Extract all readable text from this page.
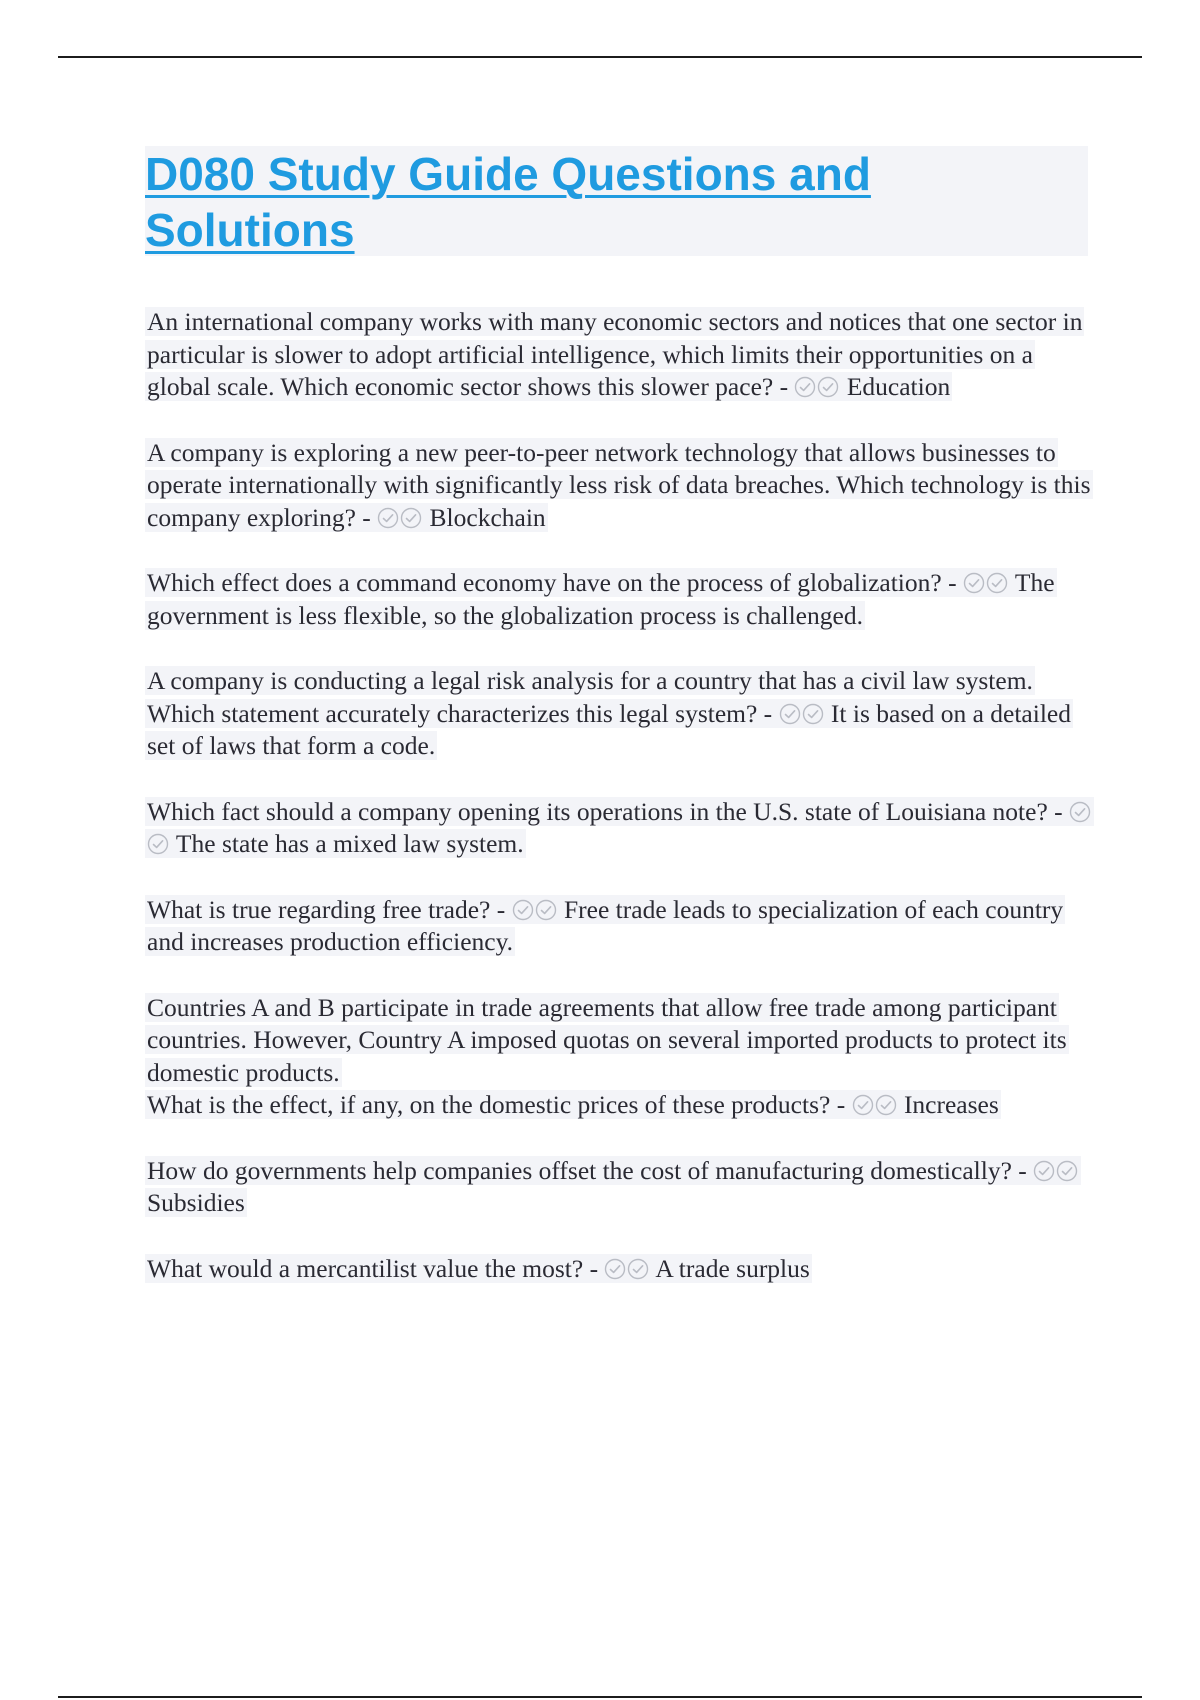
D080 Study Guide Questions and Solutions

An international company works with many economic sectors and notices that one sector in particular is slower to adopt artificial intelligence, which limits their opportunities on a global scale. Which economic sector shows this slower pace? - Education

A company is exploring a new peer-to-peer network technology that allows businesses to operate internationally with significantly less risk of data breaches. Which technology is this company exploring? - Blockchain

Which effect does a command economy have on the process of globalization? - The government is less flexible, so the globalization process is challenged.

A company is conducting a legal risk analysis for a country that has a civil law system. Which statement accurately characterizes this legal system? - It is based on a detailed set of laws that form a code.

Which fact should a company opening its operations in the U.S. state of Louisiana note? -
The state has a mixed law system.

What is true regarding free trade? - Free trade leads to specialization of each country and increases production efficiency.

Countries A and B participate in trade agreements that allow free trade among participant countries. However, Country A imposed quotas on several imported products to protect its domestic products.
What is the effect, if any, on the domestic prices of these products? - Increases

How do governments help companies offset the cost of manufacturing domestically? -
Subsidies

What would a mercantilist value the most? - A trade surplus
